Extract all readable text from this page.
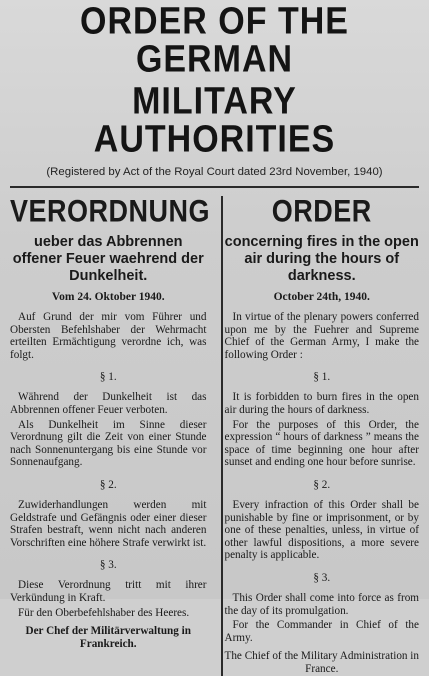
ORDER OF THE GERMAN
MILITARY AUTHORITIES
(Registered by Act of the Royal Court dated 23rd November, 1940)
VERORDNUNG
ueber das Abbrennen offener Feuer waehrend der Dunkelheit.
Vom 24. Oktober 1940.

Auf Grund der mir vom Führer und Obersten Befehlshaber der Wehrmacht erteilten Ermächtigung verordne ich, was folgt.

§ 1.

Während der Dunkelheit ist das Abbrennen offener Feuer verboten.

Als Dunkelheit im Sinne dieser Verordnung gilt die Zeit von einer Stunde nach Sonnenuntergang bis eine Stunde vor Sonnenaufgang.

§ 2.

Zuwiderhandlungen werden mit Geldstrafe und Gefängnis oder einer dieser Strafen bestraft, wenn nicht nach anderen Vorschriften eine höhere Strafe verwirkt ist.

§ 3.

Diese Verordnung tritt mit ihrer Verkündung in Kraft.

Für den Oberbefehlshaber des Heeres.

Der Chef der Militärverwaltung in Frankreich.
ORDER
concerning fires in the open air during the hours of darkness.
October 24th, 1940.

In virtue of the plenary powers conferred upon me by the Fuehrer and Supreme Chief of the German Army, I make the following Order :

§ 1.

It is forbidden to burn fires in the open air during the hours of darkness.

For the purposes of this Order, the expression “ hours of darkness ” means the space of time beginning one hour after sunset and ending one hour before sunrise.

§ 2.

Every infraction of this Order shall be punishable by fine or imprisonment, or by one of these penalties, unless, in virtue of other lawful dispositions, a more severe penalty is applicable.

§ 3.

This Order shall come into force as from the day of its promulgation.

For the Commander in Chief of the Army.

The Chief of the Military Administration in France.
